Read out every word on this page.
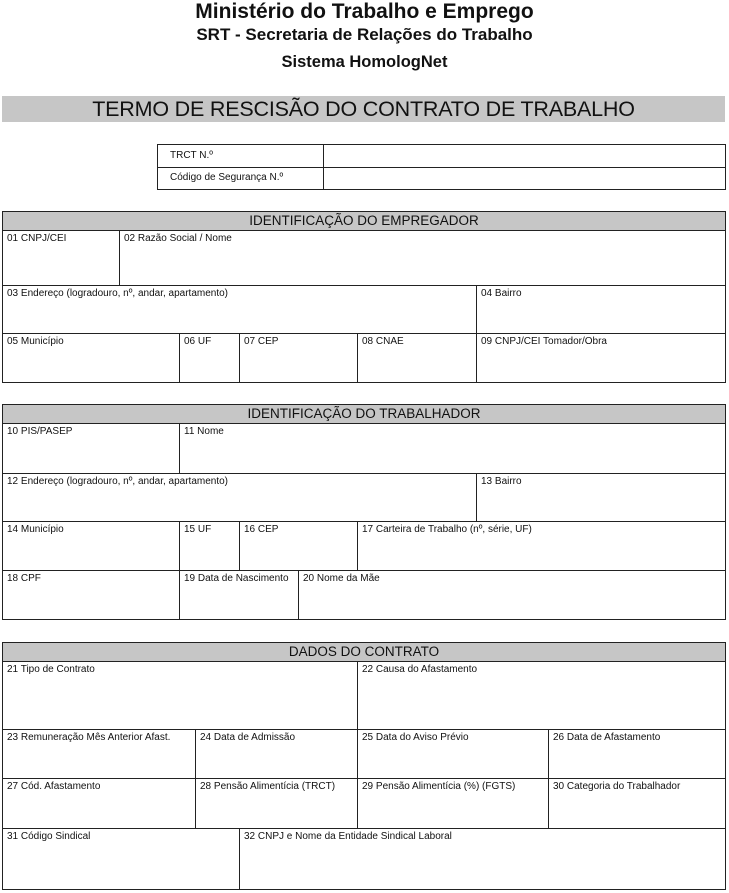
Ministério do Trabalho e Emprego
SRT - Secretaria de Relações do Trabalho
Sistema HomologNet
TERMO DE RESCISÃO DO CONTRATO DE TRABALHO
TRCT N.º
Código de Segurança N.º
IDENTIFICAÇÃO DO EMPREGADOR
01 CNPJ/CEI	02 Razão Social / Nome
03 Endereço (logradouro, nº, andar, apartamento)	04 Bairro
05 Município	06 UF	07 CEP	08 CNAE	09 CNPJ/CEI Tomador/Obra
IDENTIFICAÇÃO DO TRABALHADOR
10 PIS/PASEP	11 Nome
12 Endereço (logradouro, nº, andar, apartamento)	13 Bairro
14 Município	15 UF	16 CEP	17 Carteira de Trabalho (nº, série, UF)
18 CPF	19 Data de Nascimento	20 Nome da Mãe
DADOS DO CONTRATO
21 Tipo de Contrato	22 Causa do Afastamento
23 Remuneração Mês Anterior Afast.	24 Data de Admissão	25 Data do Aviso Prévio	26 Data de Afastamento
27 Cód. Afastamento	28 Pensão Alimentícia (TRCT)	29 Pensão Alimentícia (%) (FGTS)	30 Categoria do Trabalhador
31 Código Sindical	32 CNPJ e Nome da Entidade Sindical Laboral
